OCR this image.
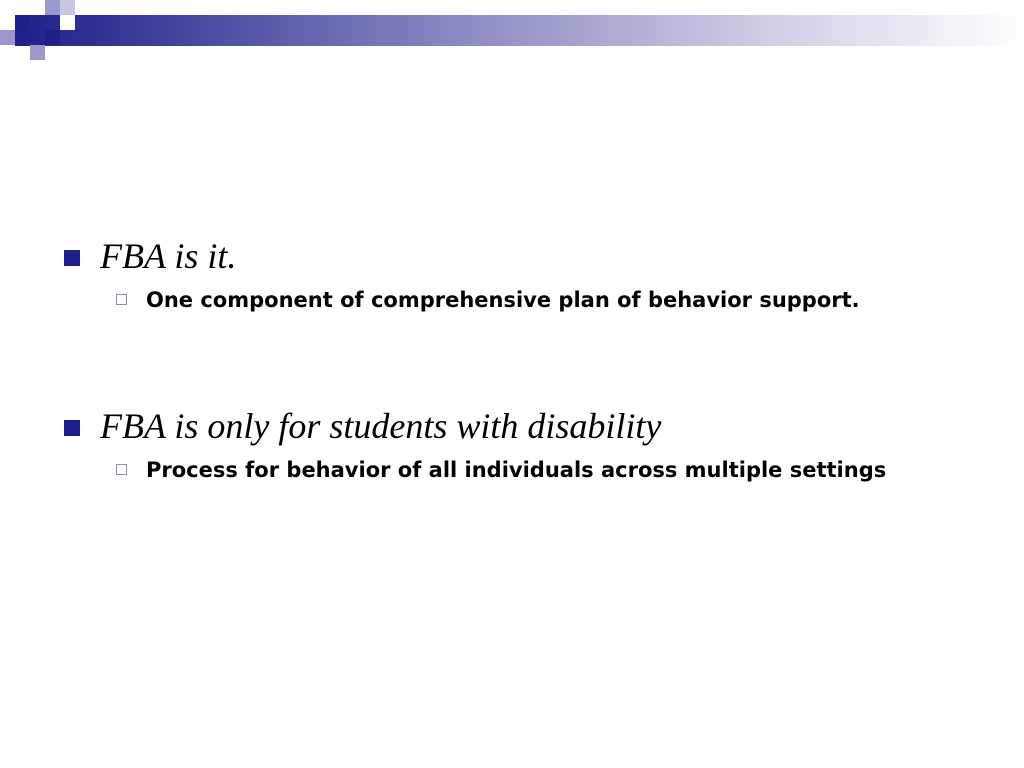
FBA is it.
One component of comprehensive plan of behavior support.
FBA is only for students with disability
Process for behavior of all individuals across multiple settings
